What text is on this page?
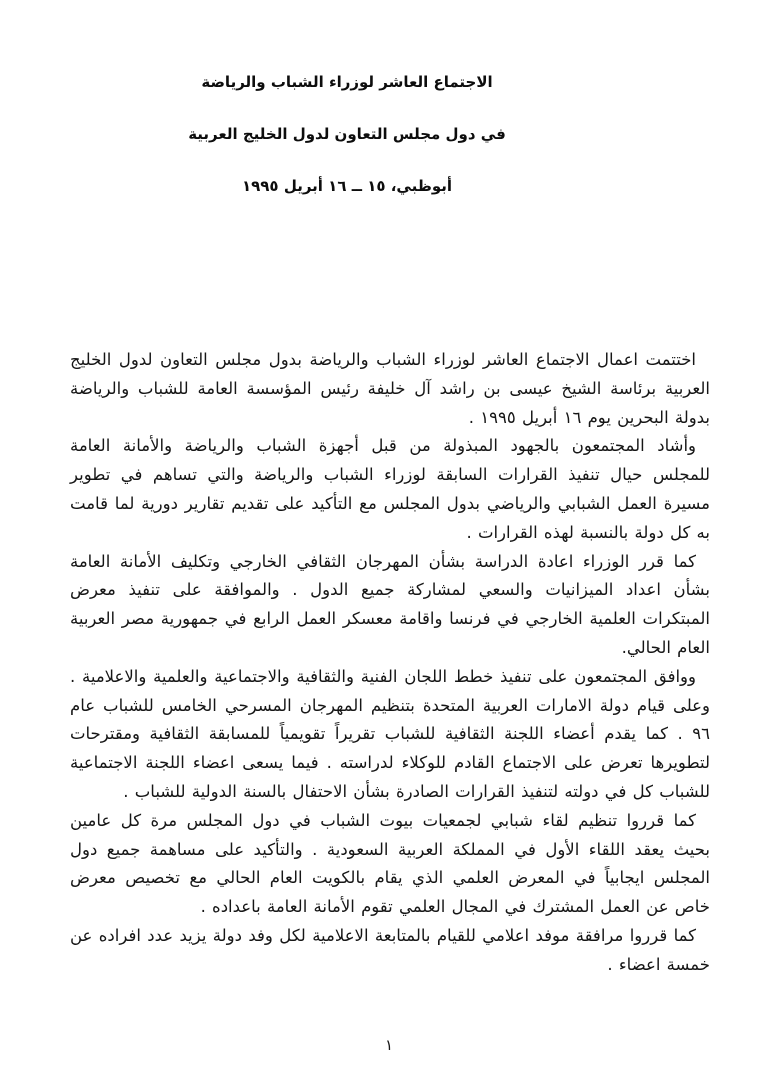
الاجتماع العاشر لوزراء الشباب والرياضة
في دول مجلس التعاون لدول الخليج العربية
أبوظبي، ١٥ ــ ١٦ أبريل ١٩٩٥

اختتمت اعمال الاجتماع العاشر لوزراء الشباب والرياضة بدول مجلس التعاون لدول الخليج العربية برئاسة الشيخ عيسى بن راشد آل خليفة رئيس المؤسسة العامة للشباب والرياضة بدولة البحرين يوم ١٦ أبريل ١٩٩٥ .

وأشاد المجتمعون بالجهود المبذولة من قبل أجهزة الشباب والرياضة والأمانة العامة للمجلس حيال تنفيذ القرارات السابقة لوزراء الشباب والرياضة والتي تساهم في تطوير مسيرة العمل الشبابي والرياضي بدول المجلس مع التأكيد على تقديم تقارير دورية لما قامت به كل دولة بالنسبة لهذه القرارات .

كما قرر الوزراء اعادة الدراسة بشأن المهرجان الثقافي الخارجي وتكليف الأمانة العامة بشأن اعداد الميزانيات والسعي لمشاركة جميع الدول . والموافقة على تنفيذ معرض المبتكرات العلمية الخارجي في فرنسا واقامة معسكر العمل الرابع في جمهورية مصر العربية العام الحالي.

ووافق المجتمعون على تنفيذ خطط اللجان الفنية والثقافية والاجتماعية والعلمية والاعلامية . وعلى قيام دولة الامارات العربية المتحدة بتنظيم المهرجان المسرحي الخامس للشباب عام ٩٦ . كما يقدم أعضاء اللجنة الثقافية للشباب تقريراً تقويمياً للمسابقة الثقافية ومقترحات لتطويرها تعرض على الاجتماع القادم للوكلاء لدراسته . فيما يسعى اعضاء اللجنة الاجتماعية للشباب كل في دولته لتنفيذ القرارات الصادرة بشأن الاحتفال بالسنة الدولية للشباب .

كما قرروا تنظيم لقاء شبابي لجمعيات بيوت الشباب في دول المجلس مرة كل عامين بحيث يعقد اللقاء الأول في المملكة العربية السعودية . والتأكيد على مساهمة جميع دول المجلس ايجابياً في المعرض العلمي الذي يقام بالكويت العام الحالي مع تخصيص معرض خاص عن العمل المشترك في المجال العلمي تقوم الأمانة العامة باعداده .

كما قرروا مرافقة موفد اعلامي للقيام بالمتابعة الاعلامية لكل وفد دولة يزيد عدد افراده عن خمسة اعضاء .

١
